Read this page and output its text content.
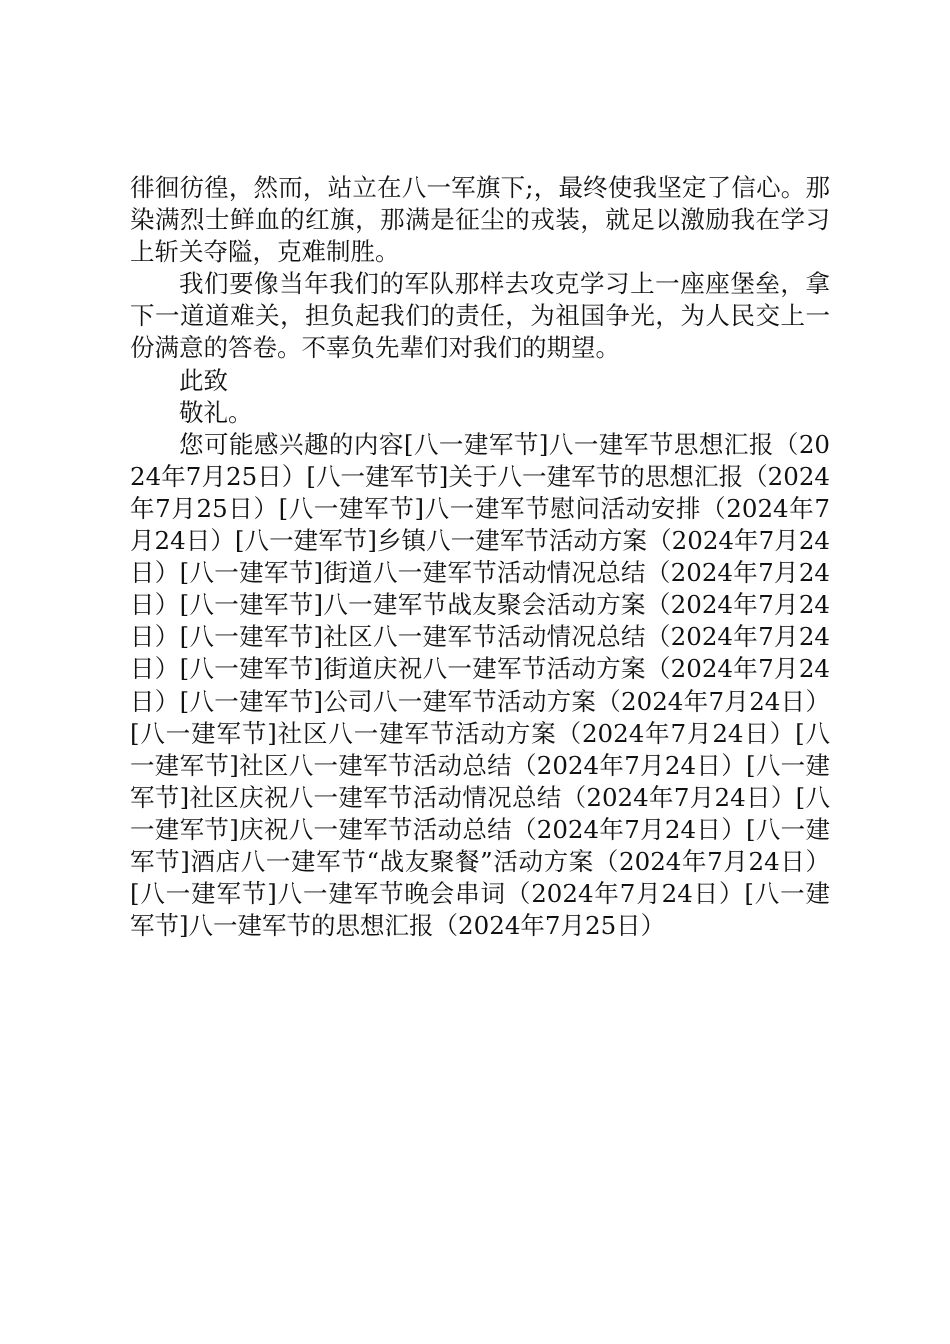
徘徊彷徨，然而，站立在八一军旗下;，最终使我坚定了信心。那染满烈士鲜血的红旗，那满是征尘的戎装，就足以激励我在学习上斩关夺隘，克难制胜。

我们要像当年我们的军队那样去攻克学习上一座座堡垒，拿下一道道难关，担负起我们的责任，为祖国争光，为人民交上一份满意的答卷。不辜负先辈们对我们的期望。

此致

敬礼。

您可能感兴趣的内容[八一建军节]八一建军节思想汇报（2024年7月25日）[八一建军节]关于八一建军节的思想汇报（2024年7月25日）[八一建军节]八一建军节慰问活动安排（2024年7月24日）[八一建军节]乡镇八一建军节活动方案（2024年7月24日）[八一建军节]街道八一建军节活动情况总结（2024年7月24日）[八一建军节]八一建军节战友聚会活动方案（2024年7月24日）[八一建军节]社区八一建军节活动情况总结（2024年7月24日）[八一建军节]街道庆祝八一建军节活动方案（2024年7月24日）[八一建军节]公司八一建军节活动方案（2024年7月24日）[八一建军节]社区八一建军节活动方案（2024年7月24日）[八一建军节]社区八一建军节活动总结（2024年7月24日）[八一建军节]社区庆祝八一建军节活动情况总结（2024年7月24日）[八一建军节]庆祝八一建军节活动总结（2024年7月24日）[八一建军节]酒店八一建军节“战友聚餐”活动方案（2024年7月24日）[八一建军节]八一建军节晚会串词（2024年7月24日）[八一建军节]八一建军节的思想汇报（2024年7月25日）
